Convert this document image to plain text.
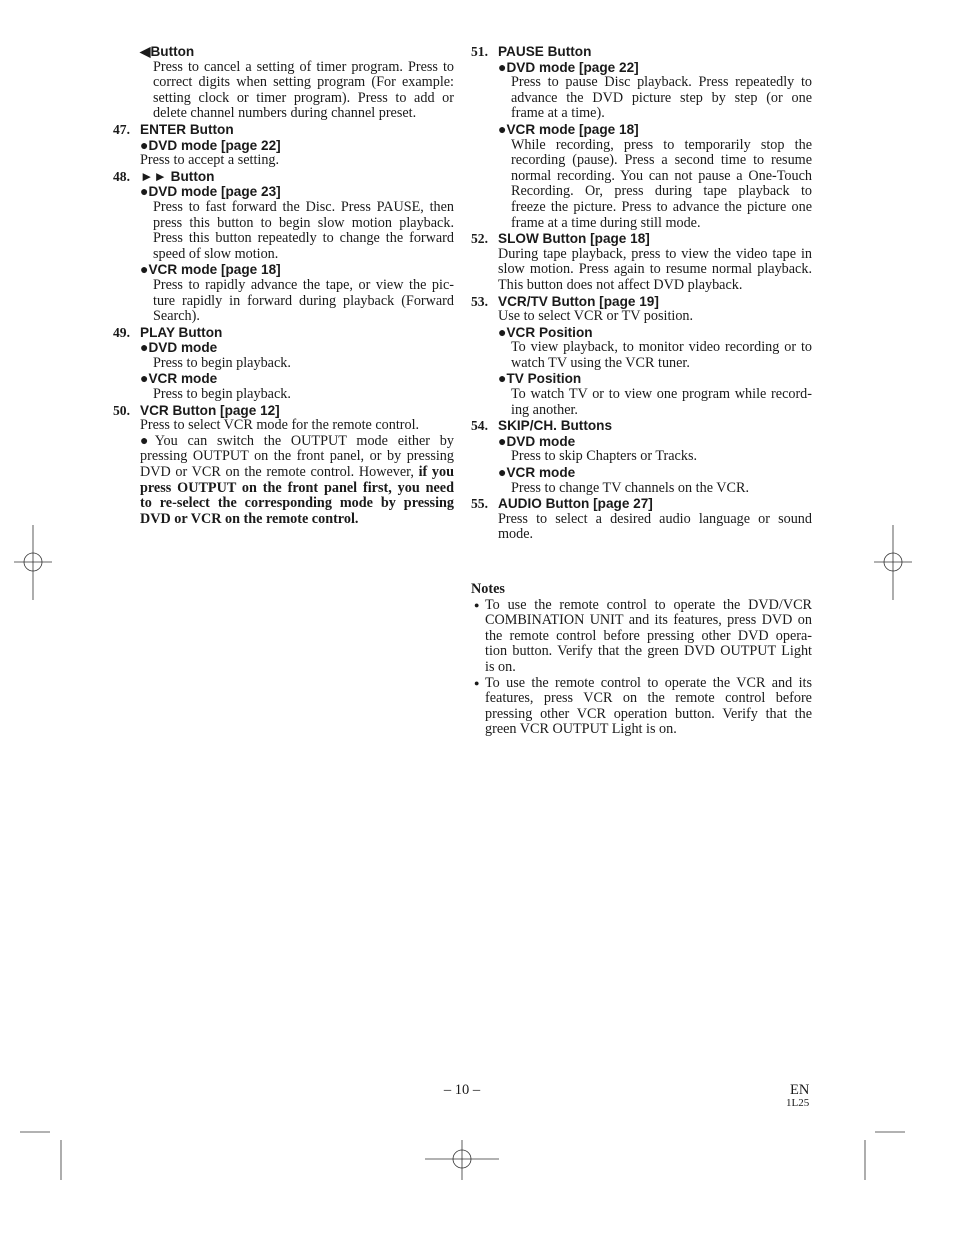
◀Button
Press to cancel a setting of timer program. Press to
correct digits when setting program (For example:
setting clock or timer program). Press to add or
delete channel numbers during channel preset.
47. ENTER Button
●DVD mode [page 22]
Press to accept a setting.
48. ►► Button
●DVD mode [page 23]
Press to fast forward the Disc. Press PAUSE, then
press this button to begin slow motion playback.
Press this button repeatedly to change the forward
speed of slow motion.
●VCR mode [page 18]
Press to rapidly advance the tape, or view the pic-
ture rapidly in forward during playback (Forward
Search).
49. PLAY Button
●DVD mode
Press to begin playback.
●VCR mode
Press to begin playback.
50. VCR Button [page 12]
Press to select VCR mode for the remote control.
●You can switch the OUTPUT mode either by
pressing OUTPUT on the front panel, or by pressing
DVD or VCR on the remote control. However, if you
press OUTPUT on the front panel first, you need
to re-select the corresponding mode by pressing
DVD or VCR on the remote control.
51. PAUSE Button
●DVD mode [page 22]
Press to pause Disc playback. Press repeatedly to
advance the DVD picture step by step (or one
frame at a time).
●VCR mode [page 18]
While recording, press to temporarily stop the
recording (pause). Press a second time to resume
normal recording. You can not pause a One-Touch
Recording. Or, press during tape playback to
freeze the picture. Press to advance the picture one
frame at a time during still mode.
52. SLOW Button [page 18]
During tape playback, press to view the video tape in
slow motion. Press again to resume normal playback.
This button does not affect DVD playback.
53. VCR/TV Button [page 19]
Use to select VCR or TV position.
●VCR Position
To view playback, to monitor video recording or to
watch TV using the VCR tuner.
●TV Position
To watch TV or to view one program while record-
ing another.
54. SKIP/CH. Buttons
●DVD mode
Press to skip Chapters or Tracks.
●VCR mode
Press to change TV channels on the VCR.
55. AUDIO Button [page 27]
Press to select a desired audio language or sound
mode.
Notes
● To use the remote control to operate the DVD/VCR
COMBINATION UNIT and its features, press DVD on
the remote control before pressing other DVD opera-
tion button. Verify that the green DVD OUTPUT Light
is on.
● To use the remote control to operate the VCR and its
features, press VCR on the remote control before
pressing other VCR operation button. Verify that the
green VCR OUTPUT Light is on.
– 10 –	EN
1L25
